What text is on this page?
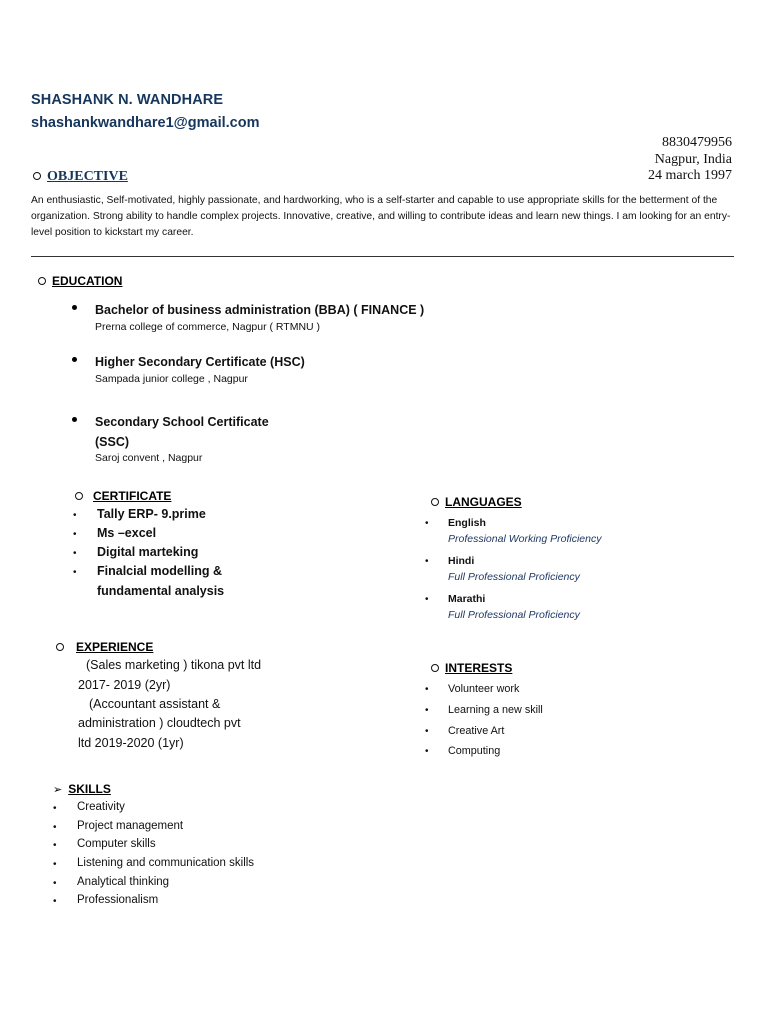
SHASHANK N. WANDHARE
shashankwandhare1@gmail.com
8830479956
Nagpur, India
24 march 1997
OBJECTIVE
An enthusiastic, Self-motivated, highly passionate, and hardworking, who is a self-starter and capable to use appropriate skills for the betterment of the organization. Strong ability to handle complex projects. Innovative, creative, and willing to contribute ideas and learn new things. I am looking for an entry-level position to kickstart my career.
EDUCATION
Bachelor of business administration (BBA) ( FINANCE )
Prerna college of commerce, Nagpur ( RTMNU )
Higher Secondary Certificate (HSC)
Sampada junior college , Nagpur
Secondary School Certificate
(SSC)
Saroj convent , Nagpur
CERTIFICATE
• Tally ERP- 9.prime
• Ms –excel
• Digital marteking
• Finalcial modelling &
fundamental analysis
LANGUAGES
• English
Professional Working Proficiency
• Hindi
Full Professional Proficiency
• Marathi
Full Professional Proficiency
EXPERIENCE
(Sales marketing ) tikona pvt ltd
2017- 2019 (2yr)
(Accountant assistant &
administration ) cloudtech pvt
ltd 2019-2020 (1yr)
INTERESTS
• Volunteer work
• Learning a new skill
• Creative Art
• Computing
➢ SKILLS
• Creativity
• Project management
• Computer skills
• Listening and communication skills
• Analytical thinking
• Professionalism
